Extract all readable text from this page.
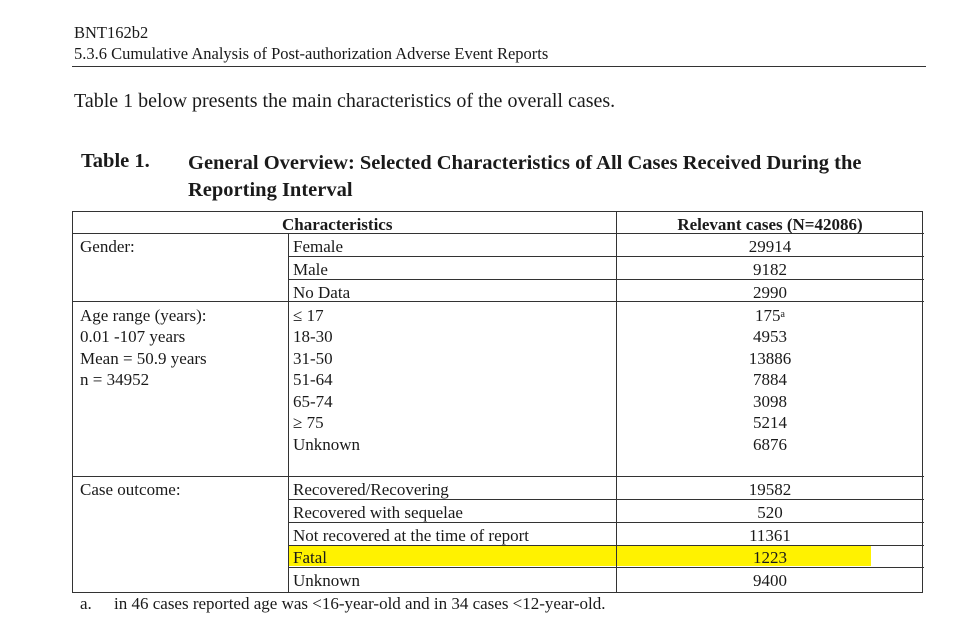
BNT162b2
5.3.6 Cumulative Analysis of Post-authorization Adverse Event Reports
Table 1 below presents the main characteristics of the overall cases.
Table 1. General Overview: Selected Characteristics of All Cases Received During the Reporting Interval
Characteristics	Relevant cases (N=42086)
Gender:	Female	29914
Male	9182
No Data	2990
Age range (years):
0.01 -107 years
Mean = 50.9 years
n = 34952
≤ 17	175$^a$
18-30	4953
31-50	13886
51-64	7884
65-74	3098
≥ 75	5214
Unknown	6876
Case outcome:	Recovered/Recovering	19582
Recovered with sequelae	520
Not recovered at the time of report	11361
Fatal	1223
Unknown	9400
a. in 46 cases reported age was <16-year-old and in 34 cases <12-year-old.
